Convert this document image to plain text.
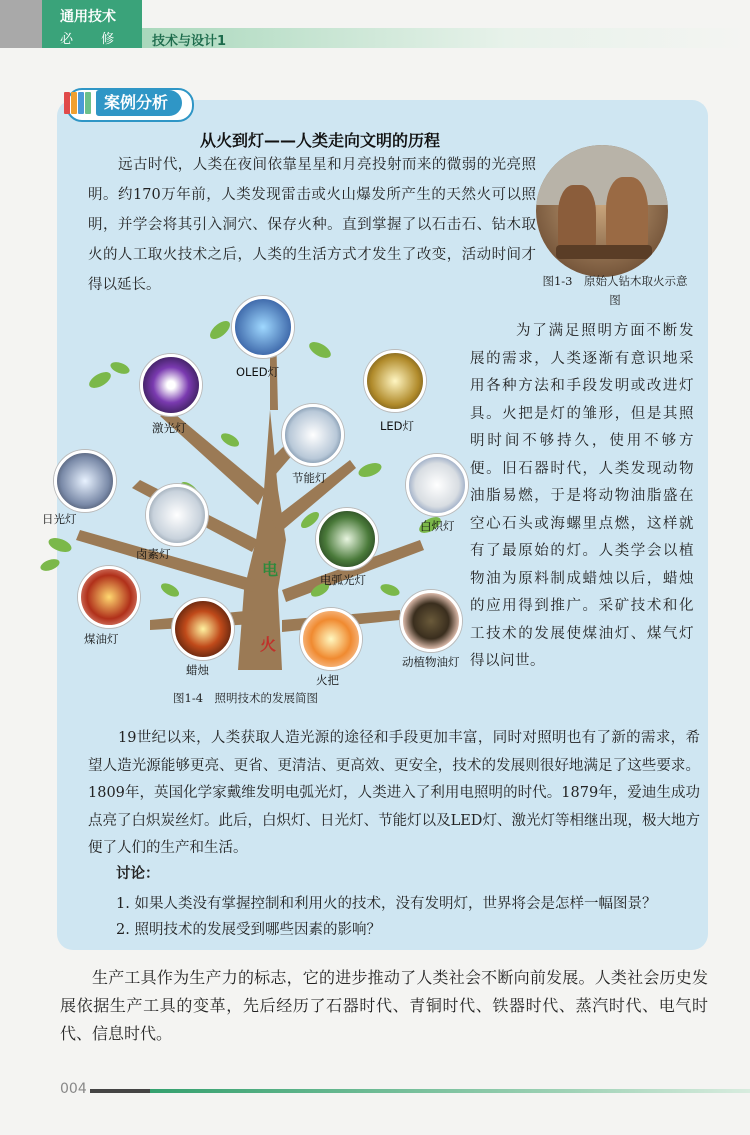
通用技术
必 修 技术与设计1
案例分析
从火到灯——人类走向文明的历程

远古时代，人类在夜间依靠星星和月亮投射而来的微弱的光亮照明。约170万年前，人类发现雷击或火山爆发所产生的天然火可以照明，并学会将其引入洞穴、保存火种。直到掌握了以石击石、钻木取火的人工取火技术之后，人类的生活方式才发生了改变，活动时间才得以延长。	图1-3　原始人钻木取火示意图

为了满足照明方面不断发展的需求，人类逐渐有意识地采用各种方法和手段发明或改进灯具。火把是灯的雏形，但是其照明时间不够持久，使用不够方便。旧石器时代，人类发现动物油脂易燃，于是将动物油脂盛在空心石头或海螺里点燃，这样就有了最原始的灯。人类学会以植物油为原料制成蜡烛以后，蜡烛的应用得到推广。采矿技术和化工技术的发展使煤油灯、煤气灯得以问世。

电
火
OLED灯
激光灯	LED灯
节能灯
日光灯
卤素灯
白炽灯
电弧光灯
煤油灯
蜡烛
火把
动植物油灯
图1-4　照明技术的发展简图

19世纪以来，人类获取人造光源的途径和手段更加丰富，同时对照明也有了新的需求，希望人造光源能够更亮、更省、更清洁、更高效、更安全，技术的发展则很好地满足了这些要求。1809年，英国化学家戴维发明电弧光灯，人类进入了利用电照明的时代。1879年，爱迪生成功点亮了白炽炭丝灯。此后，白炽灯、日光灯、节能灯以及LED灯、激光灯等相继出现，极大地方便了人们的生产和生活。

讨论：
1. 如果人类没有掌握控制和利用火的技术，没有发明灯，世界将会是怎样一幅图景？
2. 照明技术的发展受到哪些因素的影响？

生产工具作为生产力的标志，它的进步推动了人类社会不断向前发展。人类社会历史发展依据生产工具的变革，先后经历了石器时代、青铜时代、铁器时代、蒸汽时代、电气时代、信息时代。

004
